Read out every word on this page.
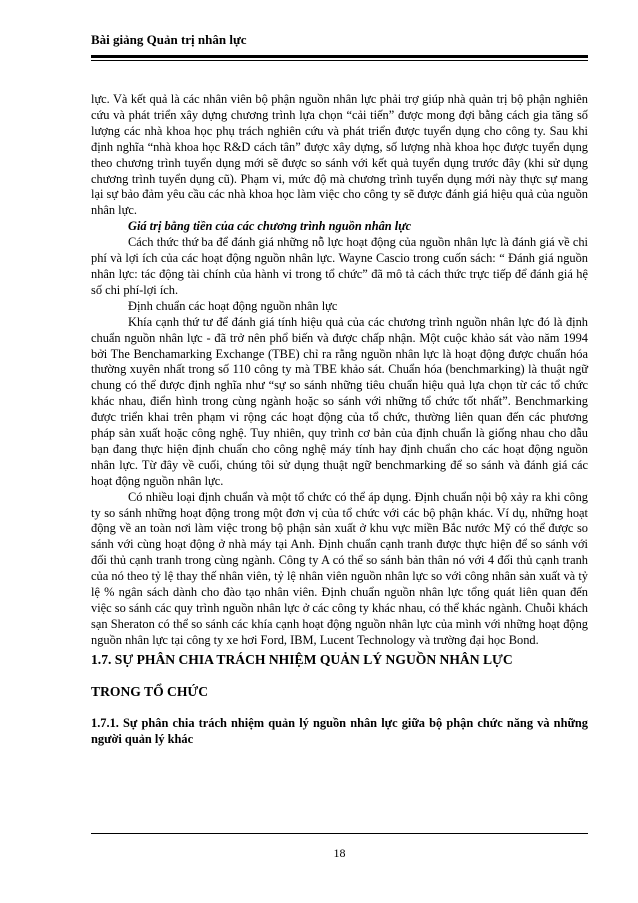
Bài giảng Quản trị nhân lực

lực. Và kết quả là các nhân viên bộ phận nguồn nhân lực phải trợ giúp nhà quản trị bộ phận nghiên cứu và phát triển xây dựng chương trình lựa chọn “cải tiến” được mong đợi bằng cách gia tăng số lượng các nhà khoa học phụ trách nghiên cứu và phát triển được tuyển dụng cho công ty. Sau khi định nghĩa “nhà khoa học R&D cách tân” được xây dựng, số lượng nhà khoa học được tuyển dụng theo chương trình tuyển dụng mới sẽ được so sánh với kết quả tuyển dụng trước đây (khi sử dụng chương trình tuyển dụng cũ). Phạm vi, mức độ mà chương trình tuyển dụng mới này thực sự mang lại sự bảo đảm yêu cầu các nhà khoa học làm việc cho công ty sẽ được đánh giá hiệu quả của nguồn nhân lực.

Giá trị bằng tiền của các chương trình nguồn nhân lực

Cách thức thứ ba để đánh giá những nỗ lực hoạt động của nguồn nhân lực là đánh giá về chi phí và lợi ích của các hoạt động nguồn nhân lực. Wayne Cascio trong cuốn sách: “ Đánh giá nguồn nhân lực: tác động tài chính của hành vi trong tổ chức” đã mô tả cách thức trực tiếp để đánh giá hệ số chi phí-lợi ích.

Định chuẩn các hoạt động nguồn nhân lực

Khía cạnh thứ tư để đánh giá tính hiệu quả của các chương trình nguồn nhân lực đó là định chuẩn nguồn nhân lực - đã trở nên phổ biến và được chấp nhận. Một cuộc khảo sát vào năm 1994 bởi The Benchamarking Exchange (TBE) chỉ ra rằng nguồn nhân lực là hoạt động được chuẩn hóa thường xuyên nhất trong số 110 công ty mà TBE khảo sát. Chuẩn hóa (benchmarking) là thuật ngữ chung có thể được định nghĩa như “sự so sánh những tiêu chuẩn hiệu quả lựa chọn từ các tổ chức khác nhau, điển hình trong cùng ngành hoặc so sánh với những tổ chức tốt nhất”. Benchmarking được triển khai trên phạm vi rộng các hoạt động của tổ chức, thường liên quan đến các phương pháp sản xuất hoặc công nghệ. Tuy nhiên, quy trình cơ bản của định chuẩn là giống nhau cho dẫu bạn đang thực hiện định chuẩn cho công nghệ máy tính hay định chuẩn cho các hoạt động nguồn nhân lực. Từ đây về cuối, chúng tôi sử dụng thuật ngữ benchmarking để so sánh và đánh giá các hoạt động nguồn nhân lực.

Có nhiều loại định chuẩn và một tổ chức có thể áp dụng. Định chuẩn nội bộ xảy ra khi công ty so sánh những hoạt động trong một đơn vị của tổ chức với các bộ phận khác. Ví dụ, những hoạt động về an toàn nơi làm việc trong bộ phận sản xuất ở khu vực miền Bắc nước Mỹ có thể được so sánh với cùng hoạt động ở nhà máy tại Anh. Định chuẩn cạnh tranh được thực hiện để so sánh với đối thủ cạnh tranh trong cùng ngành. Công ty A có thể so sánh bản thân nó với 4 đối thủ cạnh tranh của nó theo tỷ lệ thay thế nhân viên, tỷ lệ nhân viên nguồn nhân lực so với công nhân sản xuất và tỷ lệ % ngân sách dành cho đào tạo nhân viên. Định chuẩn nguồn nhân lực tổng quát liên quan đến việc so sánh các quy trình nguồn nhân lực ở các công ty khác nhau, có thể khác ngành. Chuỗi khách sạn Sheraton có thể so sánh các khía cạnh hoạt động nguồn nhân lực của mình với những hoạt động nguồn nhân lực tại công ty xe hơi Ford, IBM, Lucent Technology và trường đại học Bond.

1.7. SỰ PHÂN CHIA TRÁCH NHIỆM QUẢN LÝ NGUỒN NHÂN LỰC

TRONG TỔ CHỨC

1.7.1. Sự phân chia trách nhiệm quản lý nguồn nhân lực giữa bộ phận chức năng và những người quản lý khác

18
